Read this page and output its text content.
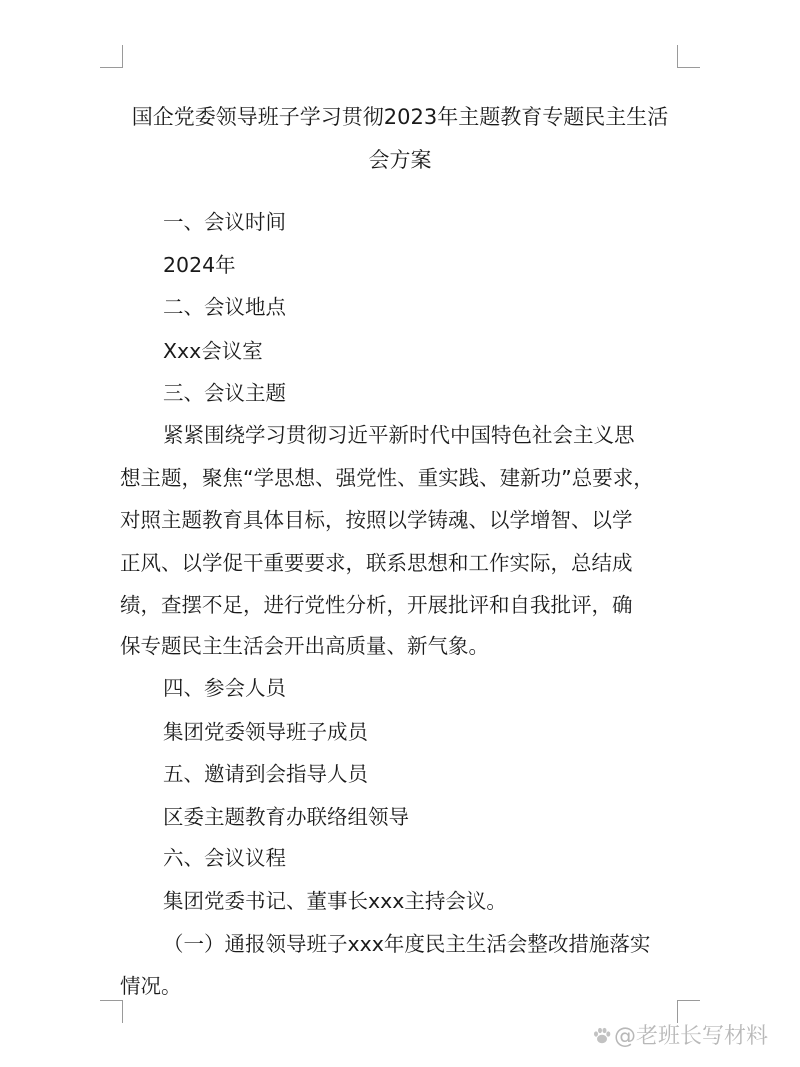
国企党委领导班子学习贯彻2023年主题教育专题民主生活
会方案
一、会议时间
2024年
二、会议地点
Xxx会议室
三、会议主题
紧紧围绕学习贯彻习近平新时代中国特色社会主义思
想主题，聚焦“学思想、强党性、重实践、建新功”总要求，
对照主题教育具体目标，按照以学铸魂、以学增智、以学
正风、以学促干重要要求，联系思想和工作实际，总结成
绩，查摆不足，进行党性分析，开展批评和自我批评，确
保专题民主生活会开出高质量、新气象。
四、参会人员
集团党委领导班子成员
五、邀请到会指导人员
区委主题教育办联络组领导
六、会议议程
集团党委书记、董事长xxx主持会议。
（一）通报领导班子xxx年度民主生活会整改措施落实
情况。
@老班长写材料
